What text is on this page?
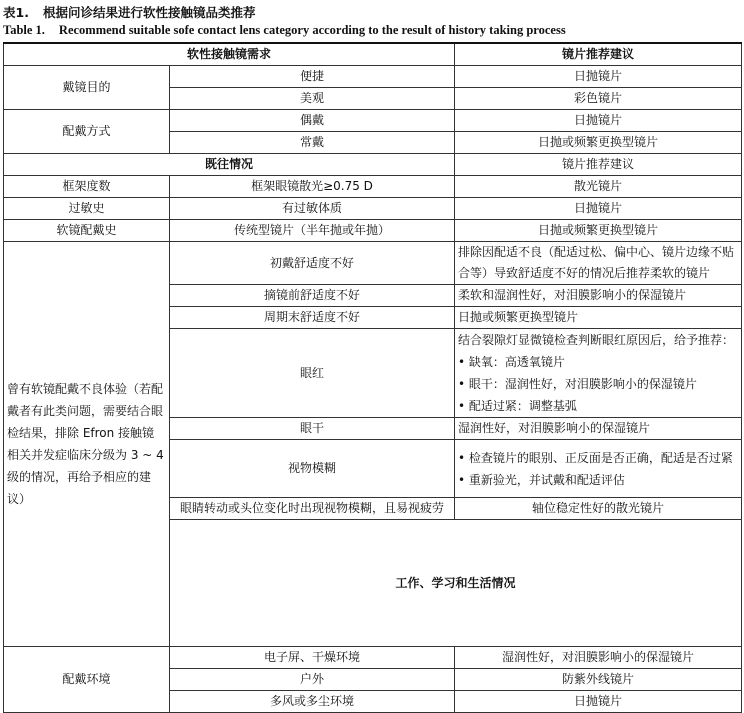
表1. 根据问诊结果进行软性接触镜品类推荐
Table 1. Recommend suitable sofe contact lens category according to the result of history taking process
软性接触镜需求		镜片推荐建议	
戴镜目的	便捷	日抛镜片	
	美观	彩色镜片	
配戴方式	偶戴	日抛镜片	
	常戴	日抛或频繁更换型镜片	
既往情况		镜片推荐建议	
框架度数	框架眼镜散光≥0.75 D	散光镜片	
过敏史	有过敏体质	日抛镜片	
软镜配戴史	传统型镜片（半年抛或年抛）	日抛或频繁更换型镜片	
曾有软镜配戴不良体验（若配戴者有此类问题，需要结合眼检结果，排除 Efron 接触镜相关并发症临床分级为 3 ~ 4 级的情况，再给予相应的建议）	初戴舒适度不好	排除因配适不良（配适过松、偏中心、镜片边缘不贴合等）导致舒适度不好的情况后推荐柔软的镜片	
	摘镜前舒适度不好	柔软和湿润性好，对泪膜影响小的保湿镜片	
	周期末舒适度不好	日抛或频繁更换型镜片	
	眼红	结合裂隙灯显微镜检查判断眼红原因后，给予推荐：
• 缺氧：高透氧镜片
• 眼干：湿润性好，对泪膜影响小的保湿镜片
• 配适过紧：调整基弧	

	眼干	湿润性好，对泪膜影响小的保湿镜片	
	视物模糊	• 检查镜片的眼别、正反面是否正确，配适是否过紧
• 重新验光，并试戴和配适评估	

	眼睛转动或头位变化时出现视物模糊，且易视疲劳	轴位稳定性好的散光镜片	
	工作、学习和生活情况	
配戴环境	电子屏、干燥环境	湿润性好，对泪膜影响小的保湿镜片	
	户外	防紫外线镜片	
	多风或多尘环境	日抛镜片	
